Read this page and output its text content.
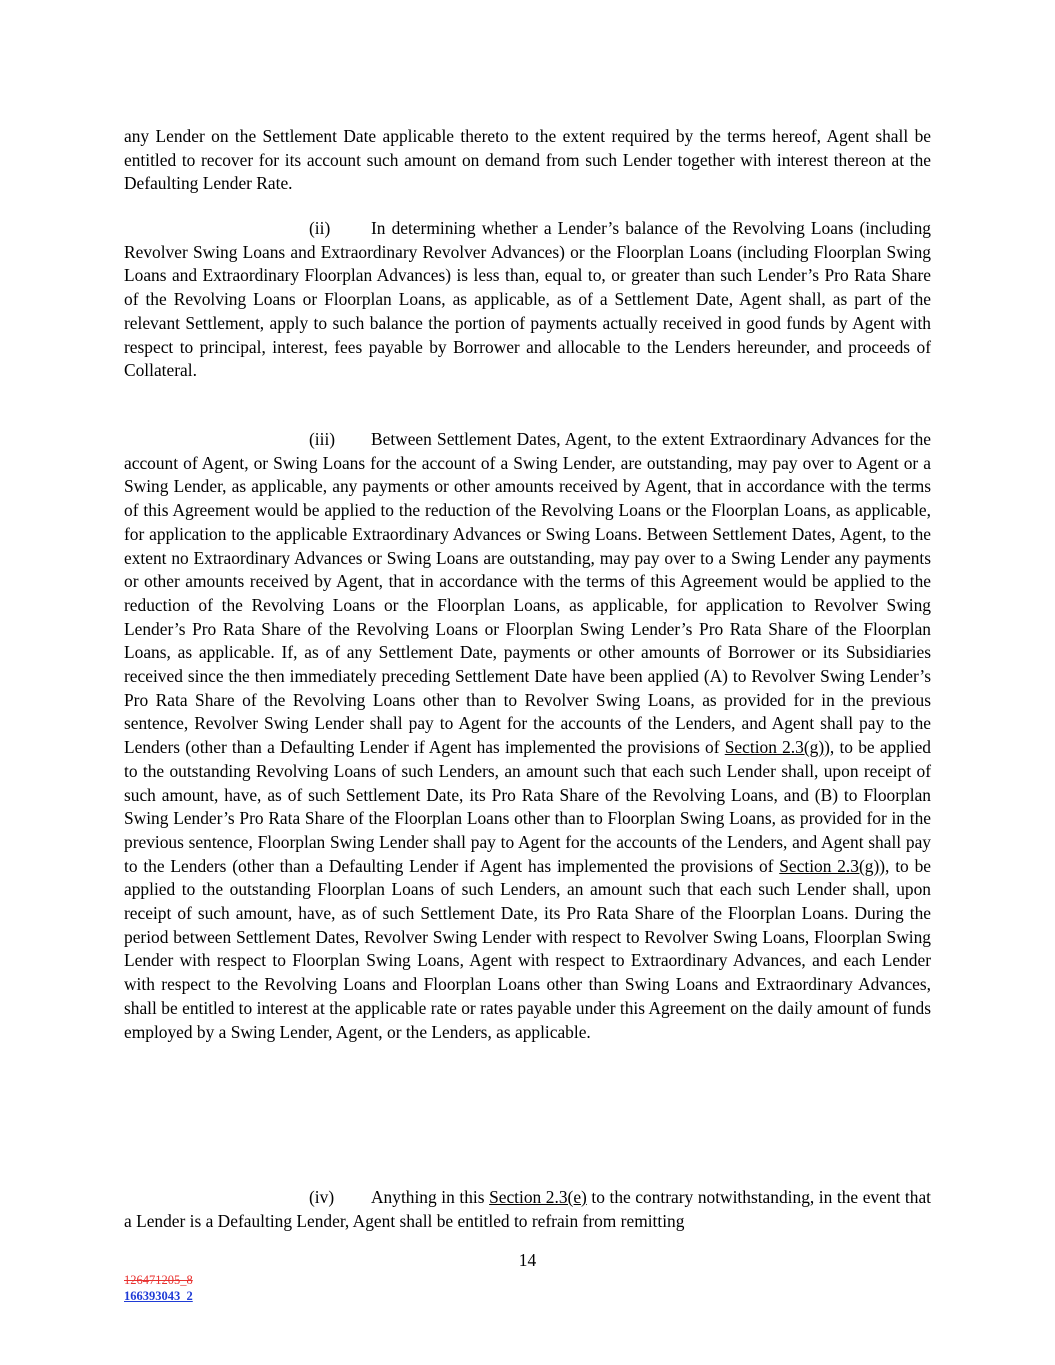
any Lender on the Settlement Date applicable thereto to the extent required by the terms hereof, Agent shall be entitled to recover for its account such amount on demand from such Lender together with interest thereon at the Defaulting Lender Rate.

(ii) In determining whether a Lender’s balance of the Revolving Loans (including Revolver Swing Loans and Extraordinary Revolver Advances) or the Floorplan Loans (including Floorplan Swing Loans and Extraordinary Floorplan Advances) is less than, equal to, or greater than such Lender’s Pro Rata Share of the Revolving Loans or Floorplan Loans, as applicable, as of a Settlement Date, Agent shall, as part of the relevant Settlement, apply to such balance the portion of payments actually received in good funds by Agent with respect to principal, interest, fees payable by Borrower and allocable to the Lenders hereunder, and proceeds of Collateral.

(iii) Between Settlement Dates, Agent, to the extent Extraordinary Advances for the account of Agent, or Swing Loans for the account of a Swing Lender, are outstanding, may pay over to Agent or a Swing Lender, as applicable, any payments or other amounts received by Agent, that in accordance with the terms of this Agreement would be applied to the reduction of the Revolving Loans or the Floorplan Loans, as applicable, for application to the applicable Extraordinary Advances or Swing Loans. Between Settlement Dates, Agent, to the extent no Extraordinary Advances or Swing Loans are outstanding, may pay over to a Swing Lender any payments or other amounts received by Agent, that in accordance with the terms of this Agreement would be applied to the reduction of the Revolving Loans or the Floorplan Loans, as applicable, for application to Revolver Swing Lender’s Pro Rata Share of the Revolving Loans or Floorplan Swing Lender’s Pro Rata Share of the Floorplan Loans, as applicable. If, as of any Settlement Date, payments or other amounts of Borrower or its Subsidiaries received since the then immediately preceding Settlement Date have been applied (A) to Revolver Swing Lender’s Pro Rata Share of the Revolving Loans other than to Revolver Swing Loans, as provided for in the previous sentence, Revolver Swing Lender shall pay to Agent for the accounts of the Lenders, and Agent shall pay to the Lenders (other than a Defaulting Lender if Agent has implemented the provisions of Section 2.3(g)), to be applied to the outstanding Revolving Loans of such Lenders, an amount such that each such Lender shall, upon receipt of such amount, have, as of such Settlement Date, its Pro Rata Share of the Revolving Loans, and (B) to Floorplan Swing Lender’s Pro Rata Share of the Floorplan Loans other than to Floorplan Swing Loans, as provided for in the previous sentence, Floorplan Swing Lender shall pay to Agent for the accounts of the Lenders, and Agent shall pay to the Lenders (other than a Defaulting Lender if Agent has implemented the provisions of Section 2.3(g)), to be applied to the outstanding Floorplan Loans of such Lenders, an amount such that each such Lender shall, upon receipt of such amount, have, as of such Settlement Date, its Pro Rata Share of the Floorplan Loans. During the period between Settlement Dates, Revolver Swing Lender with respect to Revolver Swing Loans, Floorplan Swing Lender with respect to Floorplan Swing Loans, Agent with respect to Extraordinary Advances, and each Lender with respect to the Revolving Loans and Floorplan Loans other than Swing Loans and Extraordinary Advances, shall be entitled to interest at the applicable rate or rates payable under this Agreement on the daily amount of funds employed by a Swing Lender, Agent, or the Lenders, as applicable.

(iv) Anything in this Section 2.3(e) to the contrary notwithstanding, in the event that a Lender is a Defaulting Lender, Agent shall be entitled to refrain from remitting

14
126471205_8
166393043_2
